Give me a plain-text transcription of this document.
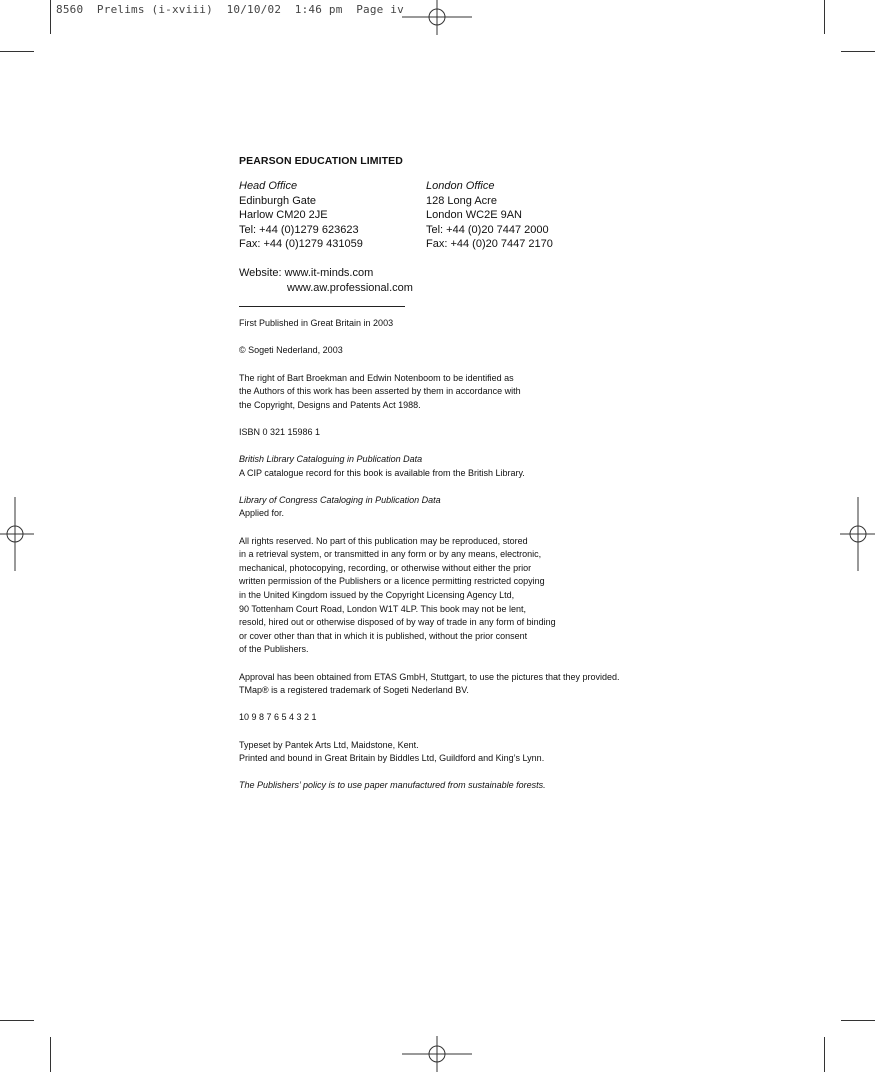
8560  Prelims (i-xviii)  10/10/02  1:46 pm  Page iv
PEARSON EDUCATION LIMITED
Head Office
Edinburgh Gate
Harlow CM20 2JE
Tel: +44 (0)1279 623623
Fax: +44 (0)1279 431059
London Office
128 Long Acre
London WC2E 9AN
Tel: +44 (0)20 7447 2000
Fax: +44 (0)20 7447 2170
Website: www.it-minds.com
www.aw.professional.com

First Published in Great Britain in 2003

© Sogeti Nederland, 2003

The right of Bart Broekman and Edwin Notenboom to be identified as
the Authors of this work has been asserted by them in accordance with
the Copyright, Designs and Patents Act 1988.

ISBN 0 321 15986 1

British Library Cataloguing in Publication Data
A CIP catalogue record for this book is available from the British Library.

Library of Congress Cataloging in Publication Data
Applied for.

All rights reserved. No part of this publication may be reproduced, stored
in a retrieval system, or transmitted in any form or by any means, electronic,
mechanical, photocopying, recording, or otherwise without either the prior
written permission of the Publishers or a licence permitting restricted copying
in the United Kingdom issued by the Copyright Licensing Agency Ltd,
90 Tottenham Court Road, London W1T 4LP. This book may not be lent,
resold, hired out or otherwise disposed of by way of trade in any form of binding
or cover other than that in which it is published, without the prior consent
of the Publishers.

Approval has been obtained from ETAS GmbH, Stuttgart, to use the pictures that they provided.
TMap® is a registered trademark of Sogeti Nederland BV.

10 9 8 7 6 5 4 3 2 1

Typeset by Pantek Arts Ltd, Maidstone, Kent.
Printed and bound in Great Britain by Biddles Ltd, Guildford and King’s Lynn.

The Publishers’ policy is to use paper manufactured from sustainable forests.
